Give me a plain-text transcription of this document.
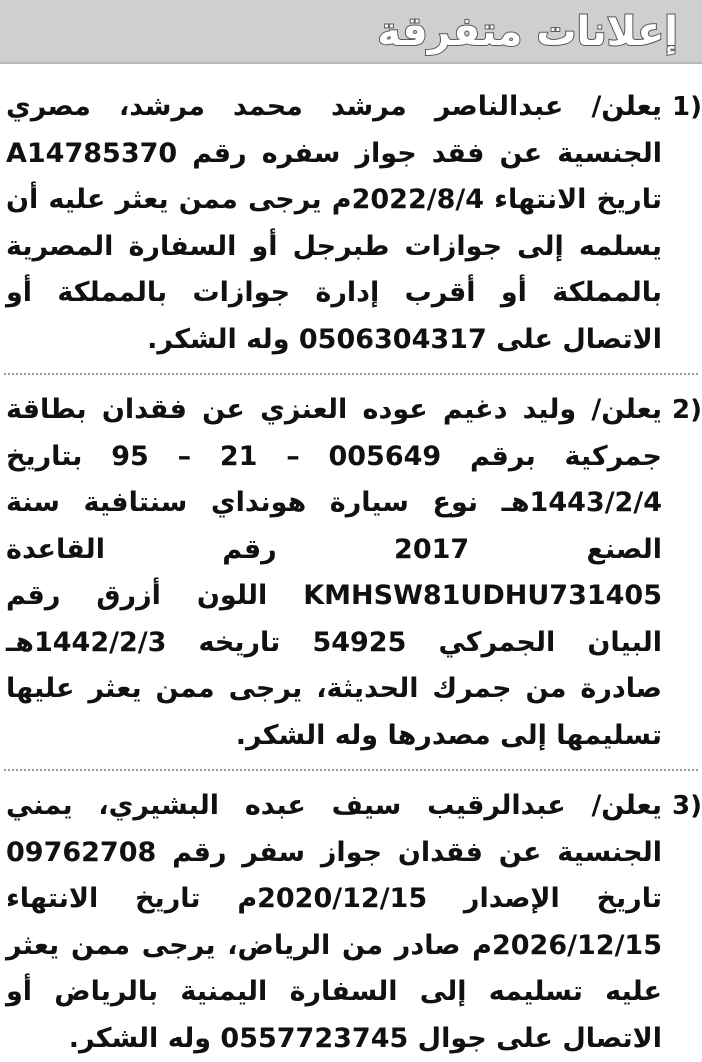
إعلانات متفرقة
1)
يعلن/ عبدالناصر مرشد محمد مرشد، مصري الجنسية عن فقد جواز سفره رقم A14785370 تاريخ الانتهاء 2022/8/4م يرجى ممن يعثر عليه أن يسلمه إلى جوازات طبرجل أو السفارة المصرية بالمملكة أو أقرب إدارة جوازات بالمملكة أو الاتصال على 0506304317 وله الشكر.
2)
يعلن/ وليد دغيم عوده العنزي عن فقدان بطاقة جمركية برقم 005649 – 21 – 95 بتاريخ 1443/2/4هـ نوع سيارة هونداي سنتافية سنة الصنع 2017 رقم القاعدة KMHSW81UDHU731405 اللون أزرق رقم البيان الجمركي 54925 تاريخه 1442/2/3هـ صادرة من جمرك الحديثة، يرجى ممن يعثر عليها تسليمها إلى مصدرها وله الشكر.
3)
يعلن/ عبدالرقيب سيف عبده البشيري، يمني الجنسية عن فقدان جواز سفر رقم 09762708 تاريخ الإصدار 2020/12/15م تاريخ الانتهاء 2026/12/15م صادر من الرياض، يرجى ممن يعثر عليه تسليمه إلى السفارة اليمنية بالرياض أو الاتصال على جوال 0557723745 وله الشكر.
